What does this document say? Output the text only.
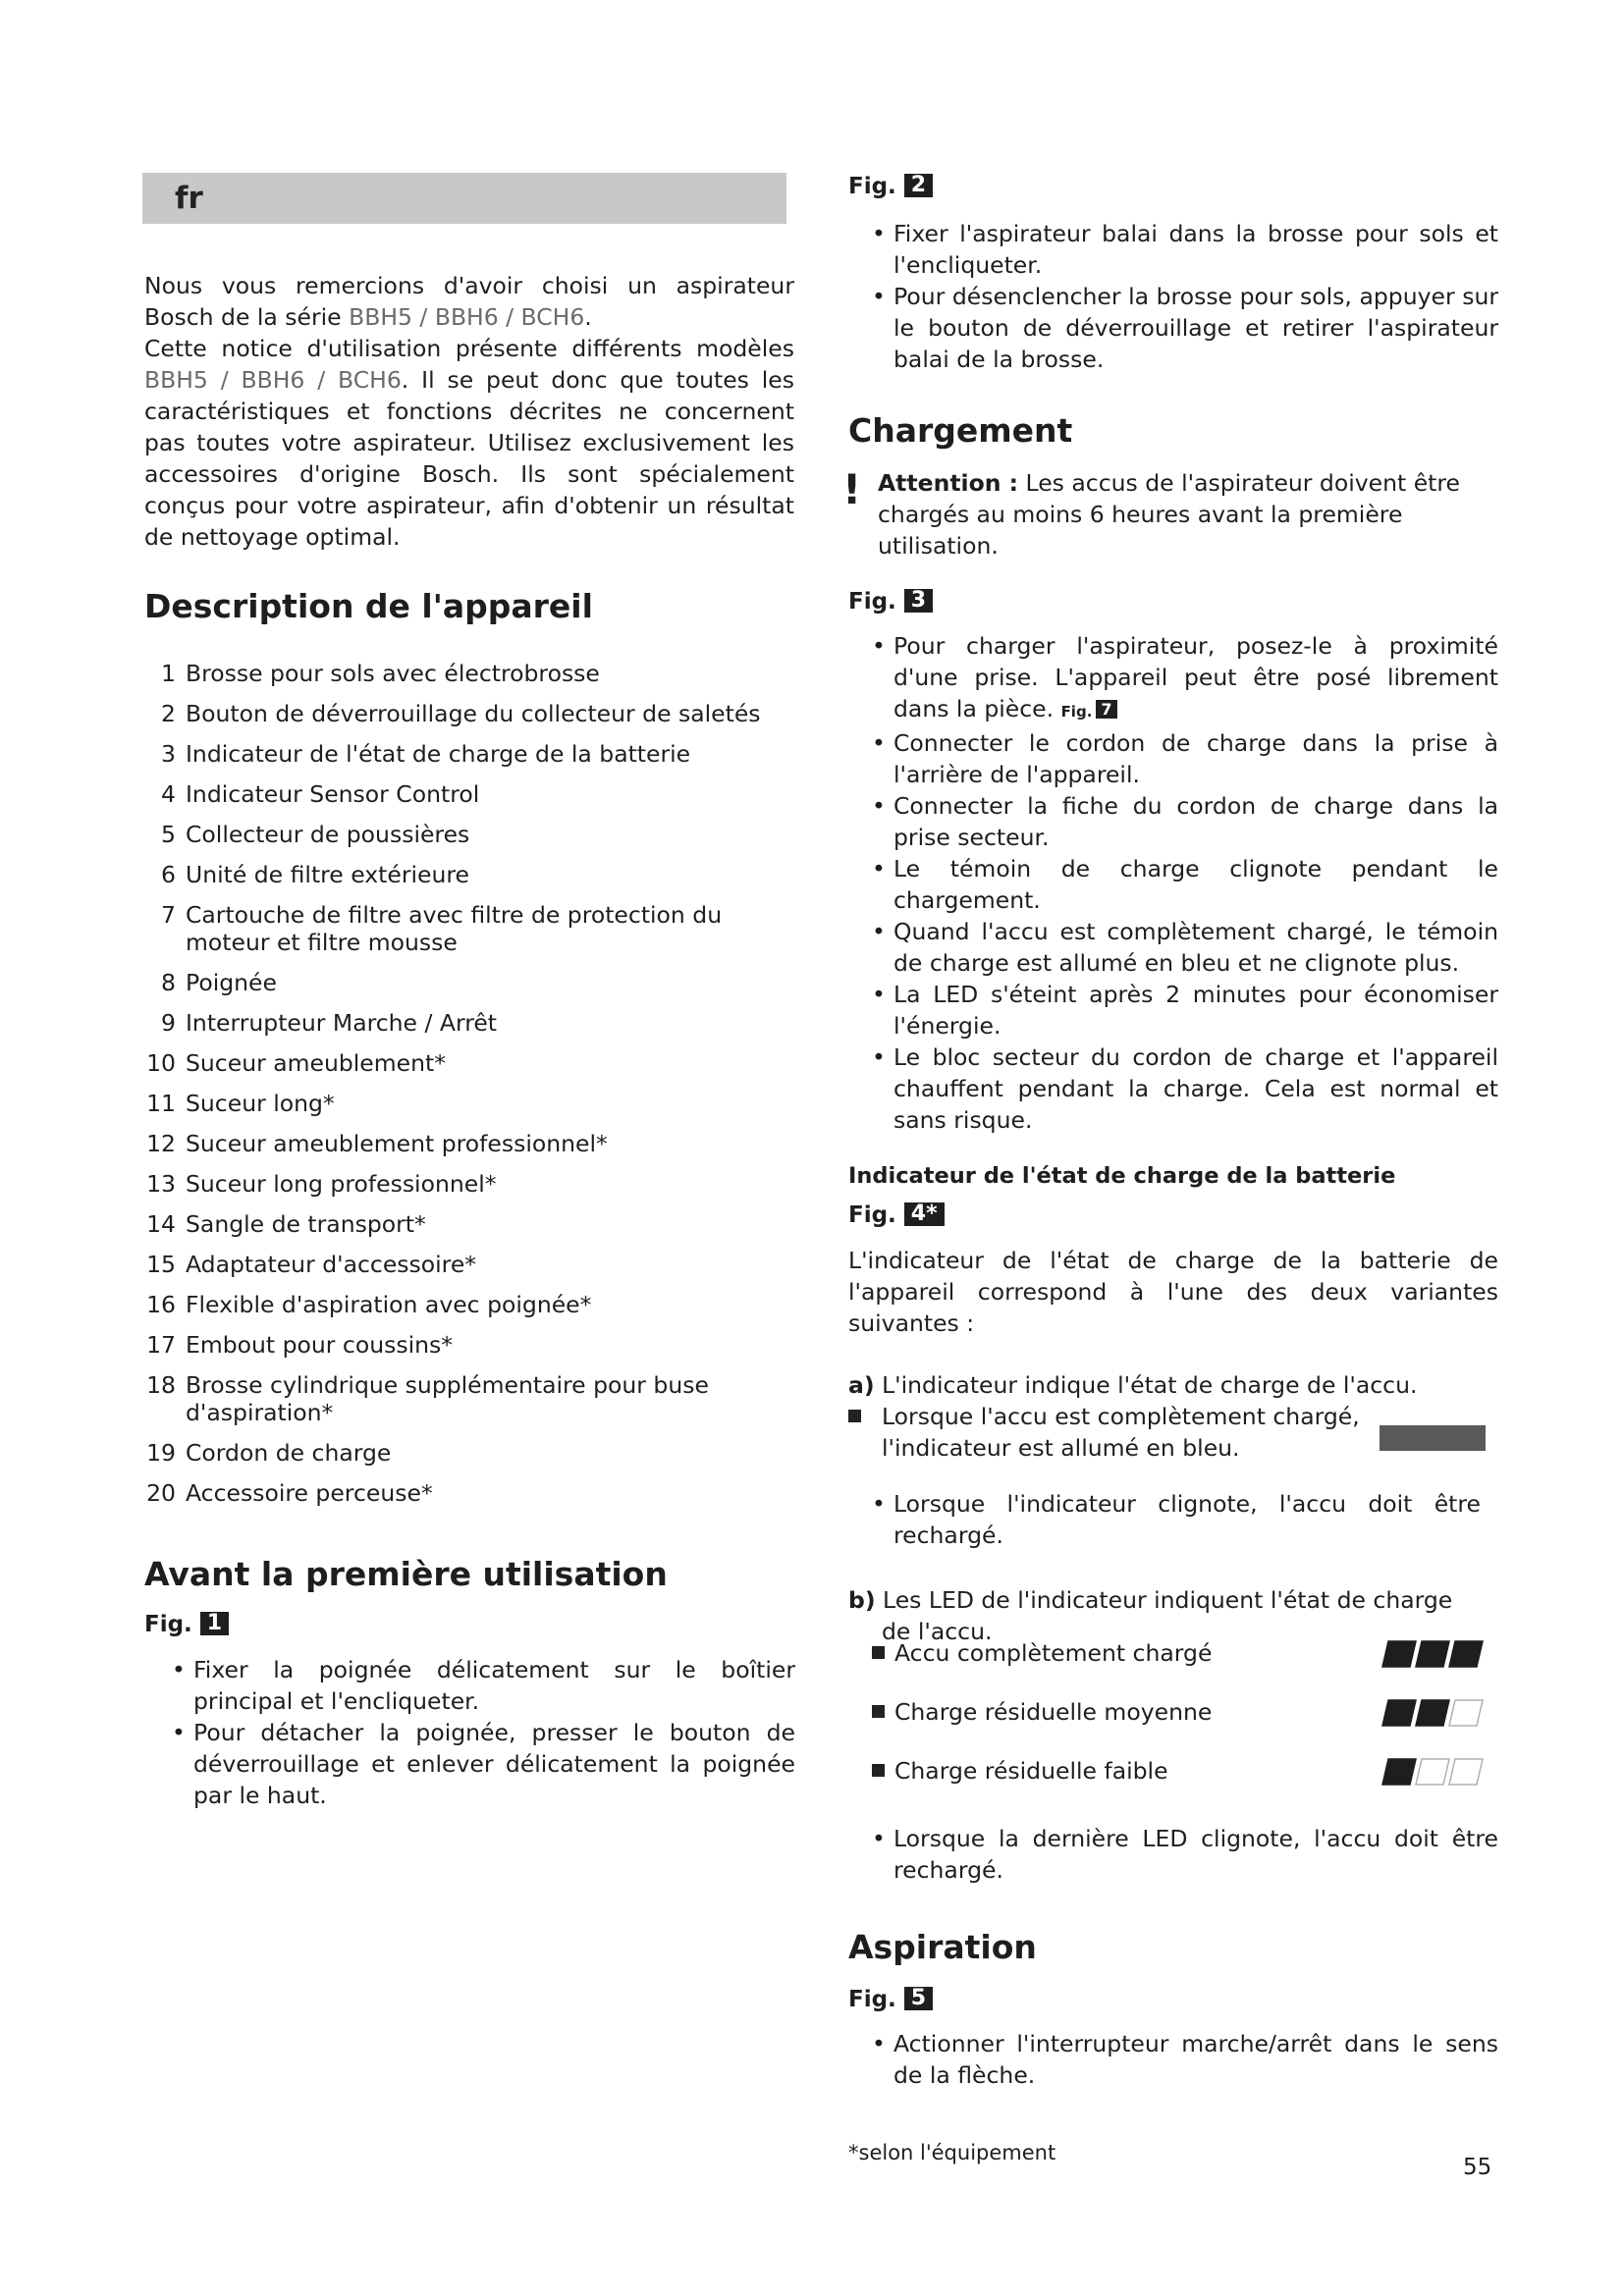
fr

Nous vous remercions d'avoir choisi un aspirateur Bosch de la série BBH5 / BBH6 / BCH6.

Cette notice d'utilisation présente différents modèles BBH5 / BBH6 / BCH6. Il se peut donc que toutes les caractéristiques et fonctions décrites ne concernent pas toutes votre aspirateur. Utilisez exclusivement les accessoires d'origine Bosch. Ils sont spécialement conçus pour votre aspirateur, afin d'obtenir un résultat de nettoyage optimal.

Description de l'appareil
1 Brosse pour sols avec électrobrosse
2 Bouton de déverrouillage du collecteur de saletés
3 Indicateur de l'état de charge de la batterie
4 Indicateur Sensor Control
5 Collecteur de poussières
6 Unité de filtre extérieure
7 Cartouche de filtre avec filtre de protection du moteur et filtre mousse
8 Poignée
9 Interrupteur Marche / Arrêt
10 Suceur ameublement*
11 Suceur long*
12 Suceur ameublement professionnel*
13 Suceur long professionnel*
14 Sangle de transport*
15 Adaptateur d'accessoire*
16 Flexible d'aspiration avec poignée*
17 Embout pour coussins*
18 Brosse cylindrique supplémentaire pour buse d'aspiration*
19 Cordon de charge
20 Accessoire perceuse*
Avant la première utilisation
Fig. 1

• Fixer la poignée délicatement sur le boîtier principal et l'encliqueter.

• Pour détacher la poignée, presser le bouton de déverrouillage et enlever délicatement la poignée par le haut.

Fig. 2

• Fixer l'aspirateur balai dans la brosse pour sols et l'encliqueter.

• Pour désenclencher la brosse pour sols, appuyer sur le bouton de déverrouillage et retirer l'aspirateur balai de la brosse.

Chargement
! Attention : Les accus de l'aspirateur doivent être chargés au moins 6 heures avant la première utilisation.

Fig. 3

• Pour charger l'aspirateur, posez-le à proximité d'une prise. L'appareil peut être posé librement dans la pièce. Fig. 7

• Connecter le cordon de charge dans la prise à l'arrière de l'appareil.

• Connecter la fiche du cordon de charge dans la prise secteur.

• Le témoin de charge clignote pendant le chargement.

• Quand l'accu est complètement chargé, le témoin de charge est allumé en bleu et ne clignote plus.

• La LED s'éteint après 2 minutes pour économiser l'énergie.

• Le bloc secteur du cordon de charge et l'appareil chauffent pendant la charge. Cela est normal et sans risque.

Indicateur de l'état de charge de la batterie
Fig. 4*

L'indicateur de l'état de charge de la batterie de l'appareil correspond à l'une des deux variantes suivantes :

a) L'indicateur indique l'état de charge de l'accu.

Lorsque l'accu est complètement chargé, l'indicateur est allumé en bleu.

• Lorsque l'indicateur clignote, l'accu doit être rechargé.

b) Les LED de l'indicateur indiquent l'état de charge de l'accu.

Accu complètement chargé
Charge résiduelle moyenne
Charge résiduelle faible

• Lorsque la dernière LED clignote, l'accu doit être rechargé.

Aspiration
Fig. 5

• Actionner l'interrupteur marche/arrêt dans le sens de la flèche.

*selon l'équipement
55
